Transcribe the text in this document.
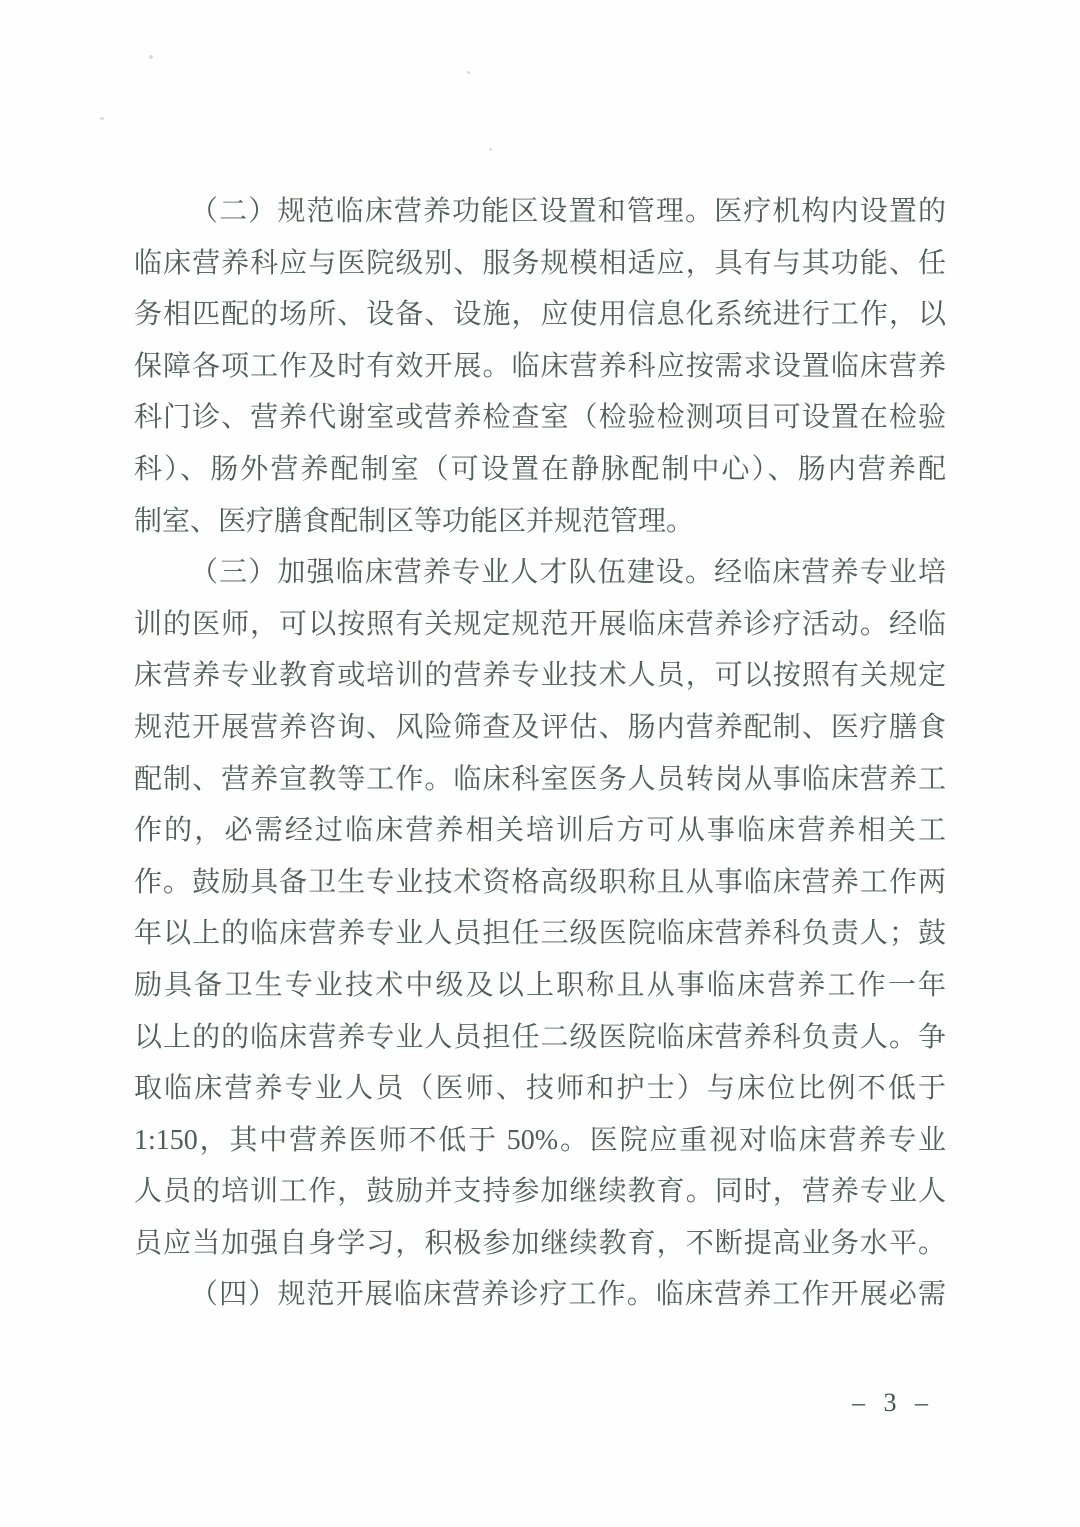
（二）规范临床营养功能区设置和管理。医疗机构内设置的
临床营养科应与医院级别、服务规模相适应，具有与其功能、任
务相匹配的场所、设备、设施，应使用信息化系统进行工作，以
保障各项工作及时有效开展。临床营养科应按需求设置临床营养
科门诊、营养代谢室或营养检查室（检验检测项目可设置在检验
科）、肠外营养配制室（可设置在静脉配制中心）、肠内营养配
制室、医疗膳食配制区等功能区并规范管理。
（三）加强临床营养专业人才队伍建设。经临床营养专业培
训的医师，可以按照有关规定规范开展临床营养诊疗活动。经临
床营养专业教育或培训的营养专业技术人员，可以按照有关规定
规范开展营养咨询、风险筛查及评估、肠内营养配制、医疗膳食
配制、营养宣教等工作。临床科室医务人员转岗从事临床营养工
作的，必需经过临床营养相关培训后方可从事临床营养相关工
作。鼓励具备卫生专业技术资格高级职称且从事临床营养工作两
年以上的临床营养专业人员担任三级医院临床营养科负责人；鼓
励具备卫生专业技术中级及以上职称且从事临床营养工作一年
以上的的临床营养专业人员担任二级医院临床营养科负责人。争
取临床营养专业人员（医师、技师和护士）与床位比例不低于
1:150，其中营养医师不低于 50%。医院应重视对临床营养专业
人员的培训工作，鼓励并支持参加继续教育。同时，营养专业人
员应当加强自身学习，积极参加继续教育，不断提高业务水平。
（四）规范开展临床营养诊疗工作。临床营养工作开展必需
– 3 –
